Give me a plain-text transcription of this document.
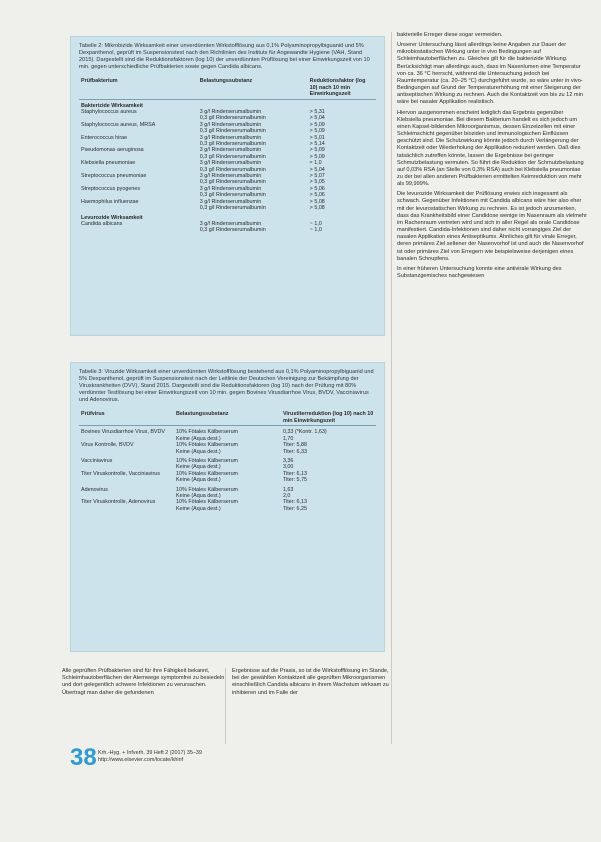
Tabelle 2: Mikrobizide Wirksamkeit einer unverdünnten Wirkstofflösung aus 0,1% Polyaminopropylbiguanid und 5% Dexpanthenol, geprüft im Suspensionstest nach den Richtlinien des Instituts für Angewandte Hygiene (VAH, Stand 2015). Dargestellt sind die Reduktionsfaktoren (log 10) der unverdünnten Prüflösung bei einer Einwirkungszeit von 10 min. gegen unterschiedliche Prüfbakterien sowie gegen Candida albicans.

Prüfbakterium	Belastungssubstanz	Reduktionsfaktor (log 10) nach 10 min Einwirkungszeit
Bakterizide Wirksamkeit		
Staphylococcus aureus	3 g/l Rinderserumalbumin	> 5,31
	0,3 g/l Rinderserumalbumin	> 5,04
Staphylococcus aureus, MRSA	3 g/l Rinderserumalbumin	> 5,09
	0,3 g/l Rinderserumalbumin	> 5,09
Enterococcus hirae	3 g/l Rinderserumalbumin	> 5,01
	0,3 g/l Rinderserumalbumin	> 5,14
Pseudomonas aeruginosa	3 g/l Rinderserumalbumin	> 5,09
	0,3 g/l Rinderserumalbumin	> 5,09
Klebsiella pneumoniae	3 g/l Rinderserumalbumin	≈ 1,0
	0,3 g/l Rinderserumalbumin	> 5,04
Streptococcus pneumoniae	3 g/l Rinderserumalbumin	> 5,07
	0,3 g/l Rinderserumalbumin	> 5,05
Streptococcus pyogenes	3 g/l Rinderserumalbumin	> 5,06
	0,3 g/l Rinderserumalbumin	> 5,06
Haemophilus influenzae	3 g/l Rinderserumalbumin	> 5,08
	0,3 g/l Rinderserumalbumin	> 5,08
Levurozide Wirksamkeit		
Candida albicans	3 g/l Rinderserumalbumin	~ 1,0
	0,3 g/l Rinderserumalbumin	~ 1,0

Tabelle 3: Viruzide Wirksamkeit einer unverdünnten Wirkstofflösung bestehend aus 0,1% Polyaminopropylbiguanid und 5% Dexpanthenol, geprüft im Suspensionstest nach der Leitlinie der Deutschen Vereinigung zur Bekämpfung der Viruskrankheiten (DVV), Stand 2015. Dargestellt sind die Reduktionsfaktoren (log 10) nach der Prüfung mit 80% verdünnter Testlösung bei einer Einwirkungszeit von 10 min. gegen Bovines Virusdiarrhoe Virus, BVDV, Vacciniavirus und Adenovirus.

Prüfvirus	Belastungssubstanz	Virustiterreduktion (log 10) nach 10 min Einwirkungszeit
Bovines Virusdiarrhoe Virus, BVDV	10% Fötales Kälberserum	0,33 (*Kontr. 1,63)
	Keine (Aqua dest.)	1,70
Virus Kontrolle, BVDV	10% Fötales Kälberserum	Titer: 5,88
	Keine (Aqua dest.)	Titer: 6,33
Vacciniavirus	10% Fötales Kälberserum	3,36
	Keine (Aqua dest.)	3,00
Titer Viruskontrolle, Vacciniavirus	10% Fötales Kälberserum	Titer: 6,13
	Keine (Aqua dest.)	Titer: 5,75
Adenovirus	10% Fötales Kälberserum	1,63
	Keine (Aqua dest.)	2,0
Titer Viruskontrolle, Adenovirus	10% Fötales Kälberserum	Titer: 6,13
	Keine (Aqua dest.)	Titer: 6,25

bakterielle Erreger diese sogar vermeiden.

Unserer Untersuchung lässt allerdings keine Angaben zur Dauer der mikrobiostatischen Wirkung unter in vivo Bedingungen auf Schleimhautoberflächen zu. Gleiches gilt für die bakterizide Wirkung. Berücksichtigt man allerdings auch, dass im Nasenlumen eine Temperatur von ca. 36 °C herrscht, während die Untersuchung jedoch bei Raumtemperatur (ca. 20–25 °C) durchgeführt wurde, so wäre unter in vivo-Bedingungen auf Grund der Temperaturerhöhung mit einer Steigerung der antiseptischen Wirkung zu rechnen. Auch die Kontaktzeit von bis zu 12 min wäre bei nasaler Applikation realistisch.

Hiervon ausgenommen erscheint lediglich das Ergebnis gegenüber Klebsiella pneumoniae. Bei diesem Bakterium handelt es sich jedoch um einen Kapsel-bildenden Mikroorganismus, dessen Einzelzellen mit einer Schleimschicht gegenüber bioziden und immunologischen Einflüssen geschützt sind. Die Schutzwirkung könnte jedoch durch Verlängerung der Kontaktzeit oder Wiederholung der Applikation reduziert werden. Daß dies tatsächlich zutreffen könnte, lassen die Ergebnisse bei geringer Schmutzbelastung vermuten. So führt die Reduktion der Schmutzbelastung auf 0,03% RSA (an Stelle von 0,3% RSA) auch bei Klebsiella pneumoniae zu der bei allen anderen Prüfbakterien ermittelten Keimreduktion von mehr als 99,999%.

Die levurozide Wirksamkeit der Prüflösung erwies sich insgesamt als schwach. Gegenüber Infektionen mit Candida albicans wäre hier also eher mit der levurostatischen Wirkung zu rechnen. Es ist jedoch anzumerken, dass das Krankheitsbild einer Candidose wenige im Nasenraum als vielmehr im Rachenraum vertreten wird und sich in aller Regel als orale Candidose manifestiert. Candida-Infektionen sind daher nicht vorrangiges Ziel der nasalen Applikation eines Antiseptikums. Ähnliches gilt für virale Erreger, deren primäres Ziel seltener der Nasenvorhof ist und auch die Nasenvorhof ist oder primäres Ziel von Erregern wie beispielsweise derjenigen eines banalen Schnupfens.

In einer früheren Untersuchung konnte eine antivirale Wirkung des Substanzgemisches nachgewiesen

Alle geprüften Prüfbakterien sind für ihre Fähigkeit bekannt, Schleimhautoberflächen der Atemwege symptomfrei zu besiedeln und dort gelegentlich schwere Infektionen zu verursachen. Übertragt man daher die gefundenen

Ergebnisse auf die Praxis, so ist die Wirkstofflösung im Stande, bei der gewählten Kontaktzeit alle geprüften Mikroorganismen einschließlich Candida albicans in ihrem Wachstum wirksam zu inhibieren und im Falle der

38 Krh.-Hyg. + Infverh. 39 Heft 2 (2017) 35–39
http://www.elsevier.com/locate/khinf
